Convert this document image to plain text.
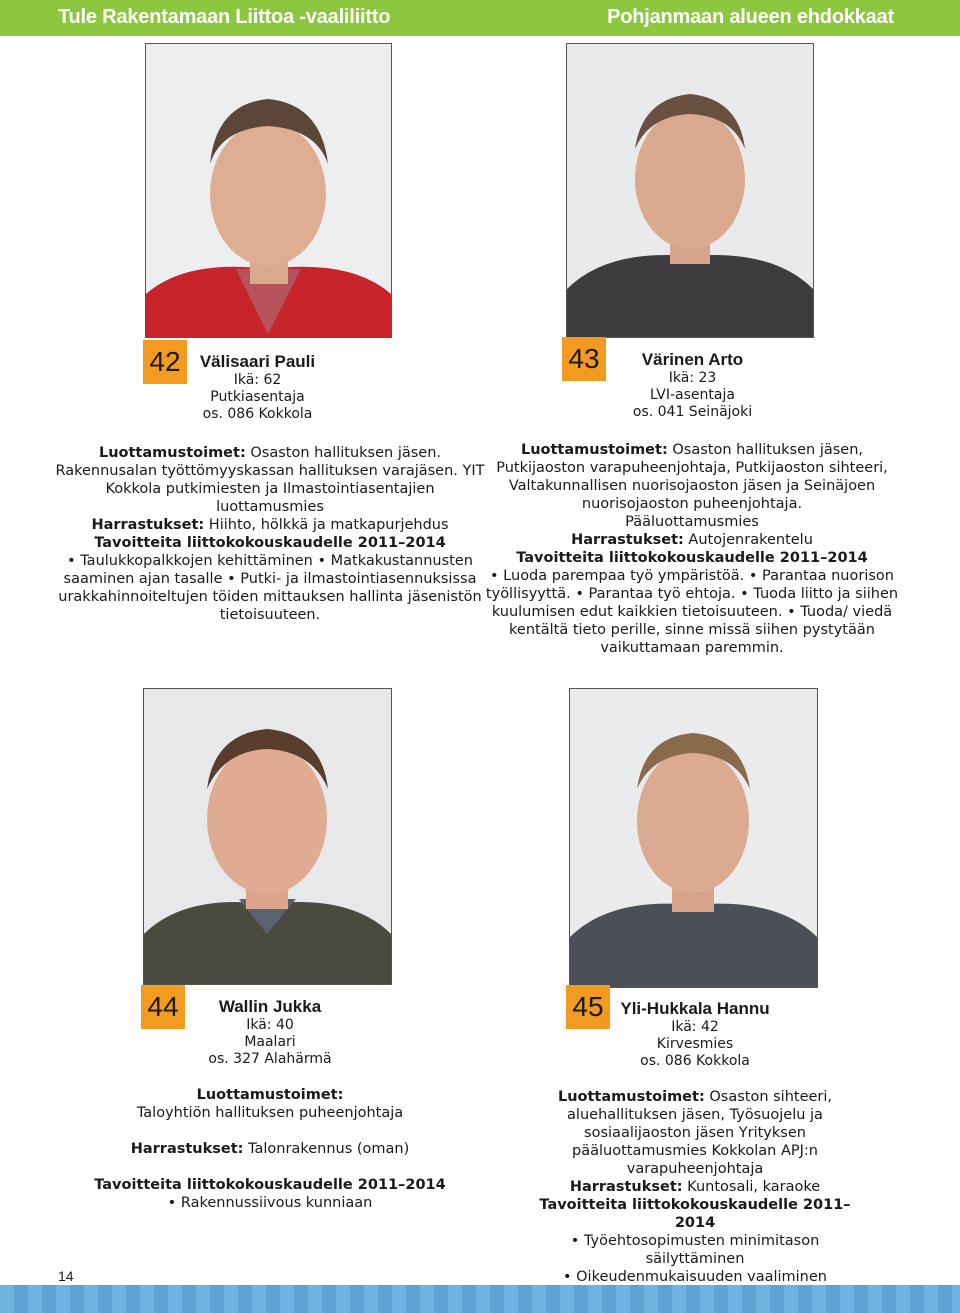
Tule Rakentamaan Liittoa -vaaliliitto	Pohjanmaan alueen ehdokkaat
42	Välisaari Pauli
Ikä: 62
Putkiasentaja
os. 086 Kokkola

Luottamustoimet: Osaston hallituksen jäsen. Rakennusalan työttömyyskassan hallituksen varajäsen. YIT Kokkola putkimiesten ja Ilmastointiasentajien luottamusmies

Harrastukset: Hiihto, hölkkä ja matkapurjehdus

Tavoitteita liittokokouskaudelle 2011–2014

• Taulukkopalkkojen kehittäminen • Matkakustannusten saaminen ajan tasalle • Putki- ja ilmastointiasennuksissa urakkahinnoiteltujen töiden mittauksen hallinta jäsenistön tietoisuuteen.

43	Värinen Arto
Ikä: 23
LVI-asentaja
os. 041 Seinäjoki

Luottamustoimet: Osaston hallituksen jäsen, Putkijaoston varapuheenjohtaja, Putkijaoston sihteeri, Valtakunnallisen nuorisojaoston jäsen ja Seinäjoen nuorisojaoston puheenjohtaja.

Pääluottamusmies

Harrastukset: Autojenrakentelu

Tavoitteita liittokokouskaudelle 2011–2014

• Luoda parempaa työ ympäristöä. • Parantaa nuorison työllisyyttä. • Parantaa työ ehtoja. • Tuoda liitto ja siihen kuulumisen edut kaikkien tietoisuuteen. • Tuoda/ viedä kentältä tieto perille, sinne missä siihen pystytään vaikuttamaan paremmin.

44	Wallin Jukka
Ikä: 40
Maalari
os. 327 Alahärmä

Luottamustoimet:

Taloyhtiön hallituksen puheenjohtaja

Harrastukset: Talonrakennus (oman)

Tavoitteita liittokokouskaudelle 2011–2014

• Rakennussiivous kunniaan

45 Yli-Hukkala Hannu
Ikä: 42
Kirvesmies
os. 086 Kokkola

Luottamustoimet: Osaston sihteeri, aluehallituksen jäsen, Työsuojelu ja sosiaalijaoston jäsen Yrityksen pääluottamusmies Kokkolan APJ:n varapuheenjohtaja

Harrastukset: Kuntosali, karaoke

Tavoitteita liittokokouskaudelle 2011–2014

• Työehtosopimusten minimitason säilyttäminen

• Oikeudenmukaisuuden vaaliminen

14
